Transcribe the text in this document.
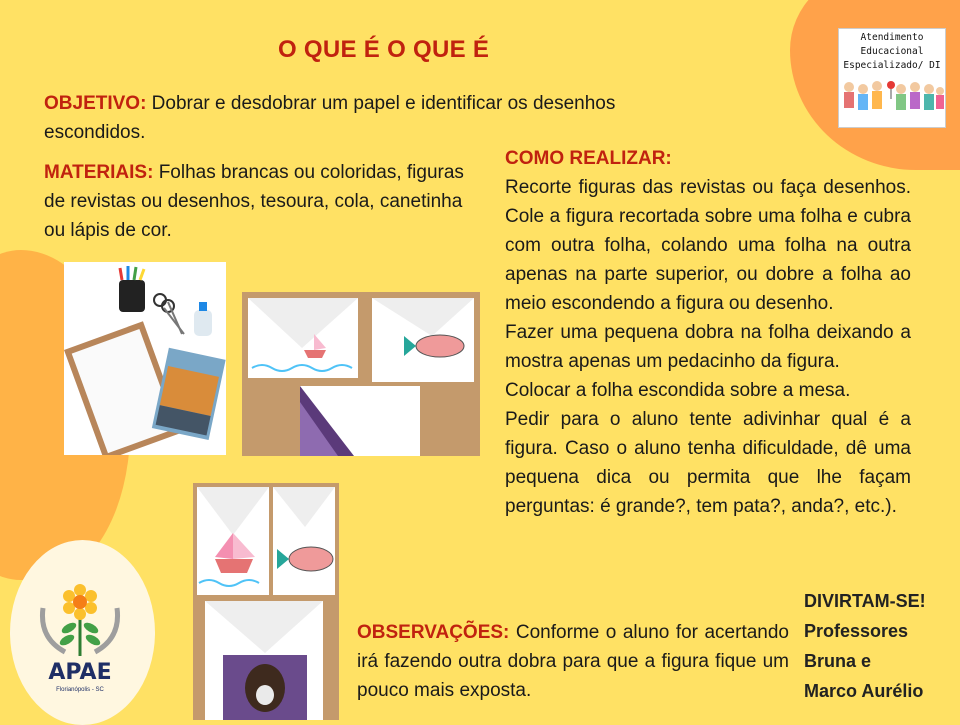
O QUE É O QUE É
OBJETIVO: Dobrar e desdobrar um papel e identificar os desenhos escondidos.
MATERIAIS: Folhas brancas ou coloridas, figuras de revistas ou desenhos, tesoura, cola, canetinha ou lápis de cor.
COMO REALIZAR:
Recorte figuras das revistas ou faça desenhos. Cole a figura recortada sobre uma folha e cubra com outra folha, colando uma folha na outra apenas na parte superior, ou dobre a folha ao meio escondendo a figura ou desenho.
Fazer uma pequena dobra na folha deixando a mostra apenas um pedacinho da figura.
Colocar a folha escondida sobre a mesa.
Pedir para o aluno tente adivinhar qual é a figura. Caso o aluno tenha dificuldade, dê uma pequena dica ou permita que lhe façam perguntas: é grande?, tem pata?, anda?, etc.).
OBSERVAÇÕES: Conforme o aluno for acertando irá fazendo outra dobra para que a figura fique um pouco mais exposta.
DIVIRTAM-SE!
Professores
Bruna e
Marco Aurélio
Atendimento
Educacional
Especializado/ DI
APAE
Florianópolis - SC
